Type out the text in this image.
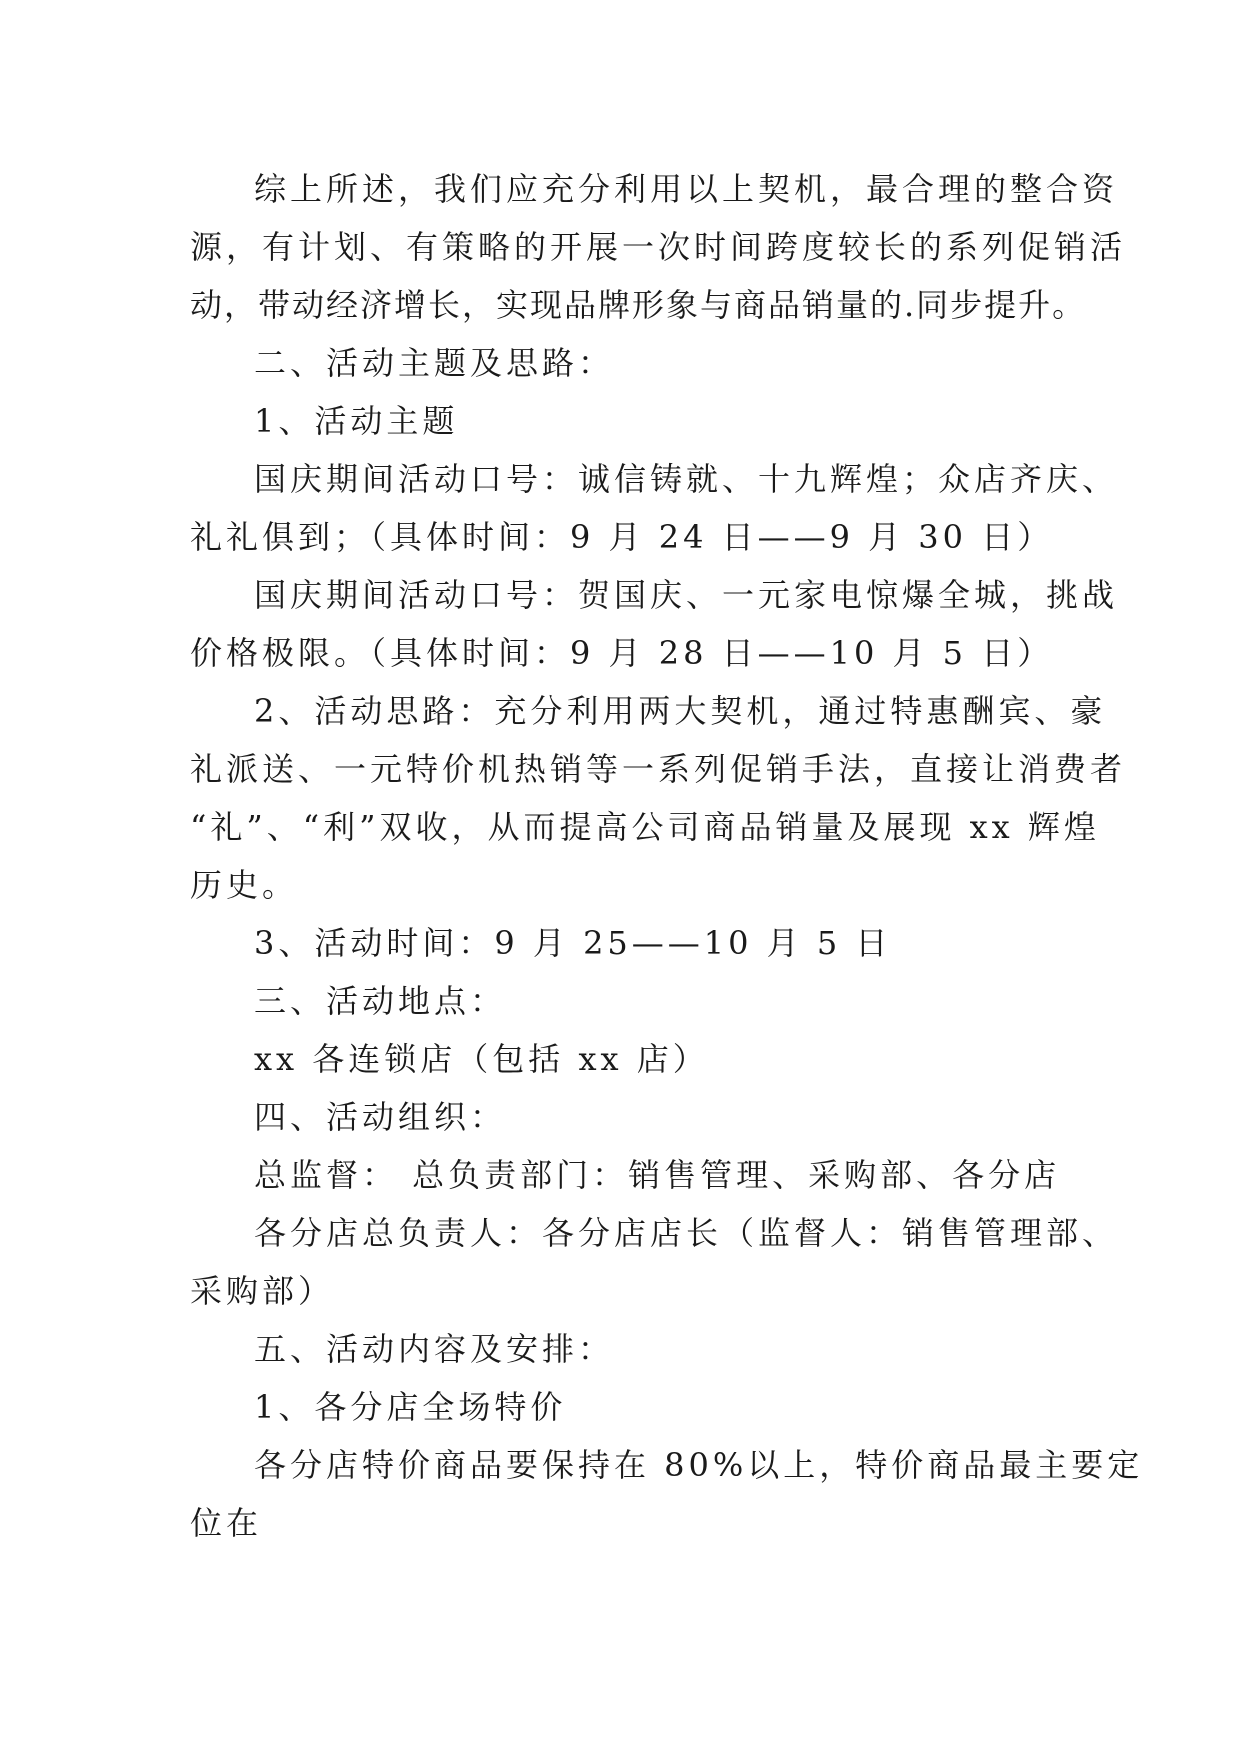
综上所述，我们应充分利用以上契机，最合理的整合资
源，有计划、有策略的开展一次时间跨度较长的系列促销活
动，带动经济增长，实现品牌形象与商品销量的.同步提升。
二、活动主题及思路：
1、活动主题
国庆期间活动口号：诚信铸就、十九辉煌；众店齐庆、
礼礼俱到；（具体时间：9 月 24 日——9 月 30 日）
国庆期间活动口号：贺国庆、一元家电惊爆全城，挑战
价格极限。（具体时间：9 月 28 日——10 月 5 日）
2、活动思路：充分利用两大契机，通过特惠酬宾、豪
礼派送、一元特价机热销等一系列促销手法，直接让消费者
“礼”、“利”双收，从而提高公司商品销量及展现 xx 辉煌
历史。
3、活动时间：9 月 25——10 月 5 日
三、活动地点：
xx 各连锁店（包括 xx 店）
四、活动组织：
总监督： 总负责部门：销售管理、采购部、各分店
各分店总负责人：各分店店长（监督人：销售管理部、
采购部）
五、活动内容及安排：
1、各分店全场特价
各分店特价商品要保持在 80%以上，特价商品最主要定
位在
